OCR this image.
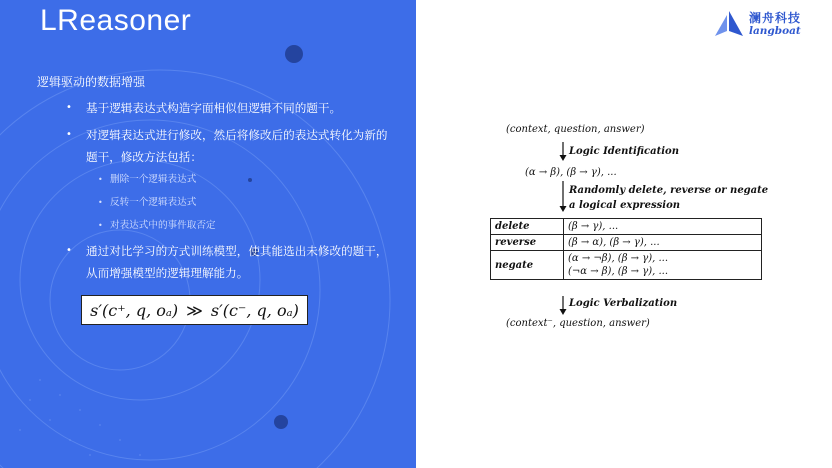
LReasoner
逻辑驱动的数据增强
• 基于逻辑表达式构造字面相似但逻辑不同的题干。
• 对逻辑表达式进行修改，然后将修改后的表达式转化为新的题干，修改方法包括：
• 删除一个逻辑表达式
• 反转一个逻辑表达式
• 对表达式中的事件取否定
• 通过对比学习的方式训练模型，使其能选出未修改的题干，从而增强模型的逻辑理解能力。
s′(c⁺, q, oₐ) ≫ s′(c⁻, q, oₐ)
澜舟科技
langboat
(context, question, answer)
Logic Identification
(α → β), (β → γ), ...
Randomly delete, reverse or negate
a logical expression
delete	(β → γ), ...

reverse	(β → α), (β → γ), ...

negate	(α → ¬β), (β → γ), ...
(¬α → β), (β → γ), ...
Logic Verbalization
(context⁻, question, answer)
